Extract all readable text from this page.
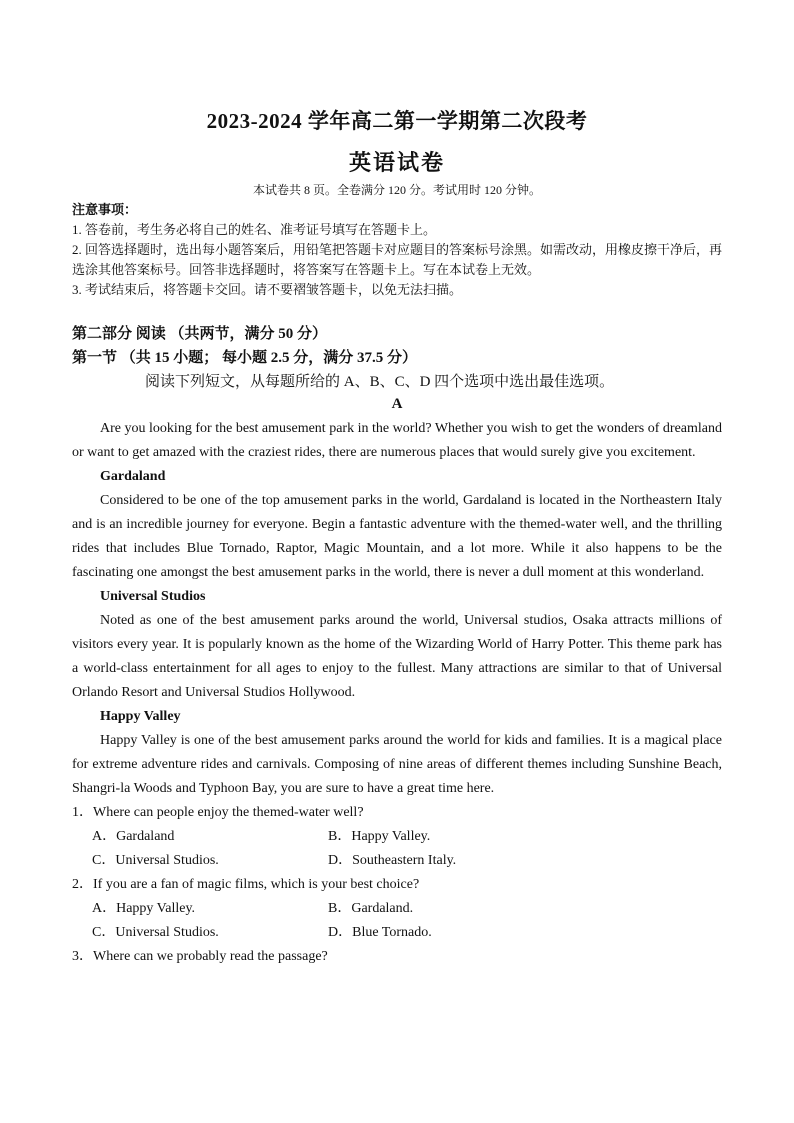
2023-2024 学年高二第一学期第二次段考
英语试卷
本试卷共 8 页。全卷满分 120 分。考试用时 120 分钟。

注意事项：

1. 答卷前，考生务必将自己的姓名、准考证号填写在答题卡上。

2. 回答选择题时，选出每小题答案后，用铅笔把答题卡对应题目的答案标号涂黑。如需改动，用橡皮擦干净后，再选涂其他答案标号。回答非选择题时，将答案写在答题卡上。写在本试卷上无效。

3. 考试结束后，将答题卡交回。请不要褶皱答题卡，以免无法扫描。

第二部分 阅读 （共两节，满分 50 分）
第一节 （共 15 小题； 每小题 2.5 分，满分 37.5 分）
阅读下列短文，从每题所给的 A、B、C、D 四个选项中选出最佳选项。
A

Are you looking for the best amusement park in the world? Whether you wish to get the wonders of dreamland or want to get amazed with the craziest rides, there are numerous places that would surely give you excitement.

Gardaland

Considered to be one of the top amusement parks in the world, Gardaland is located in the Northeastern Italy and is an incredible journey for everyone. Begin a fantastic adventure with the themed-water well, and the thrilling rides that includes Blue Tornado, Raptor, Magic Mountain, and a lot more. While it also happens to be the fascinating one amongst the best amusement parks in the world, there is never a dull moment at this wonderland.

Universal Studios

Noted as one of the best amusement parks around the world, Universal studios, Osaka attracts millions of visitors every year. It is popularly known as the home of the Wizarding World of Harry Potter. This theme park has a world-class entertainment for all ages to enjoy to the fullest. Many attractions are similar to that of Universal Orlando Resort and Universal Studios Hollywood.

Happy Valley

Happy Valley is one of the best amusement parks around the world for kids and families. It is a magical place for extreme adventure rides and carnivals. Composing of nine areas of different themes including Sunshine Beach, Shangri-la Woods and Typhoon Bay, you are sure to have a great time here.

1．Where can people enjoy the themed-water well?

A．Gardaland	B．Happy Valley.
C．Universal Studios.	D．Southeastern Italy.

2．If you are a fan of magic films, which is your best choice?

A．Happy Valley.	B．Gardaland.
C．Universal Studios.	D．Blue Tornado.

3．Where can we probably read the passage?
